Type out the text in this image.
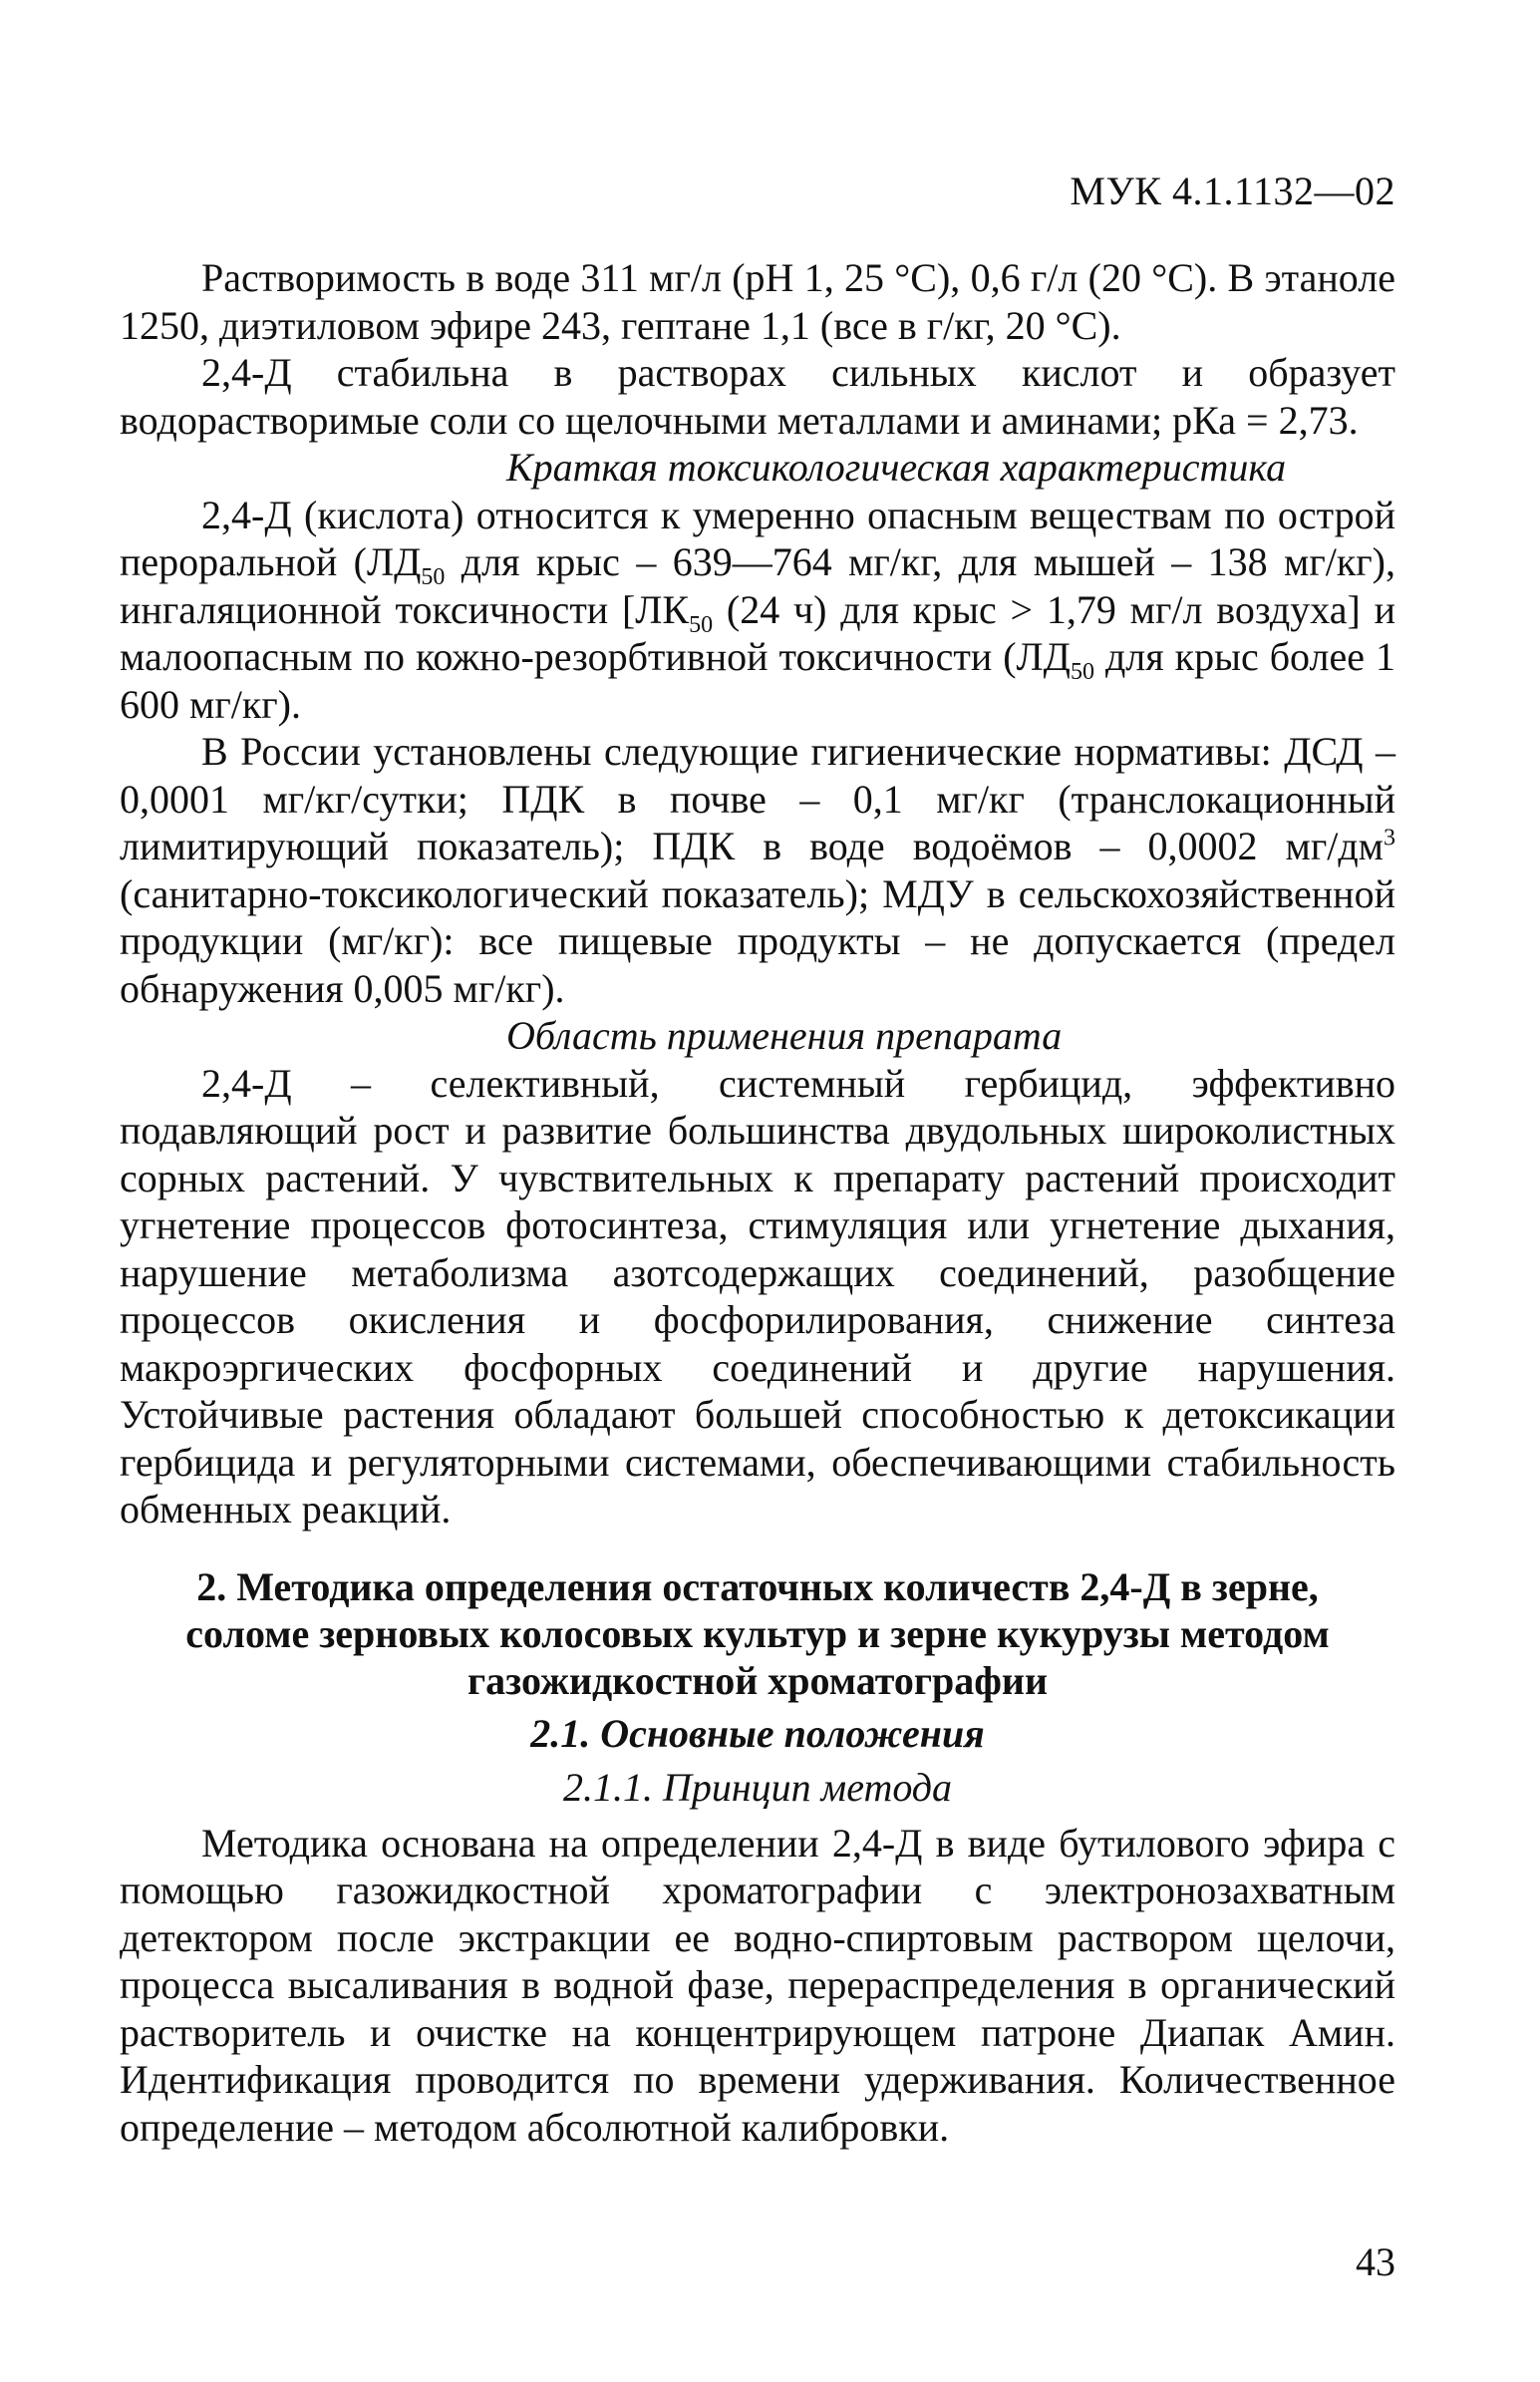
МУК 4.1.1132—02

Растворимость в воде 311 мг/л (pH 1, 25 °С), 0,6 г/л (20 °С). В этаноле 1250, диэтиловом эфире 243, гептане 1,1 (все в г/кг, 20 °С).

2,4-Д стабильна в растворах сильных кислот и образует водорастворимые соли со щелочными металлами и аминами; рКа = 2,73.

Краткая токсикологическая характеристика

2,4-Д (кислота) относится к умеренно опасным веществам по острой пероральной ($ЛД_{50}$ для крыс – 639—764 мг/кг, для мышей – 138 мг/кг), ингаляционной токсичности [$ЛК_{50}$ (24 ч) для крыс > 1,79 мг/л воздуха] и малоопасным по кожно-резорбтивной токсичности ($ЛД_{50}$ для крыс более 1 600 мг/кг).

В России установлены следующие гигиенические нормативы: ДСД – 0,0001 мг/кг/сутки; ПДК в почве – 0,1 мг/кг (транслокационный лимитирующий показатель); ПДК в воде водоёмов – 0,0002 $мг/дм^3$ (санитарно-токсикологический показатель); МДУ в сельскохозяйственной продукции (мг/кг): все пищевые продукты – не допускается (предел обнаружения 0,005 мг/кг).

Область применения препарата

2,4-Д – селективный, системный гербицид, эффективно подавляющий рост и развитие большинства двудольных широколистных сорных растений. У чувствительных к препарату растений происходит угнетение процессов фотосинтеза, стимуляция или угнетение дыхания, нарушение метаболизма азотсодержащих соединений, разобщение процессов окисления и фосфорилирования, снижение синтеза макроэргических фосфорных соединений и другие нарушения. Устойчивые растения обладают большей способностью к детоксикации гербицида и регуляторными системами, обеспечивающими стабильность обменных реакций.

2. Методика определения остаточных количеств 2,4-Д в зерне, соломе зерновых колосовых культур и зерне кукурузы методом газожидкостной хроматографии

2.1. Основные положения

2.1.1. Принцип метода

Методика основана на определении 2,4-Д в виде бутилового эфира с помощью газожидкостной хроматографии с электронозахватным детектором после экстракции ее водно-спиртовым раствором щелочи, процесса высаливания в водной фазе, перераспределения в органический растворитель и очистке на концентрирующем патроне Диапак Амин. Идентификация проводится по времени удерживания. Количественное определение – методом абсолютной калибровки.

43
